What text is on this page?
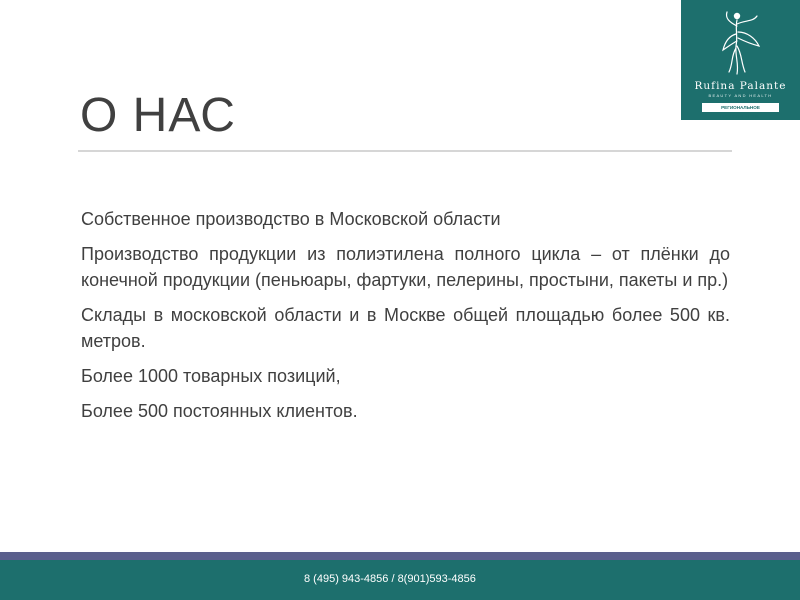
Rufina Palante
BEAUTY AND HEALTH
РЕГИОНАЛЬНОЕ ПОДРАЗДЕЛЕНИЕ
О НАС
Собственное производство в Московской области
Производство продукции из полиэтилена полного цикла – от плёнки до конечной продукции (пеньюары, фартуки, пелерины, простыни, пакеты и пр.)
Склады в московской области и в Москве общей площадью более 500 кв. метров.
Более 1000 товарных позиций,
Более 500 постоянных клиентов.
8 (495) 943-4856 / 8(901)593-4856
